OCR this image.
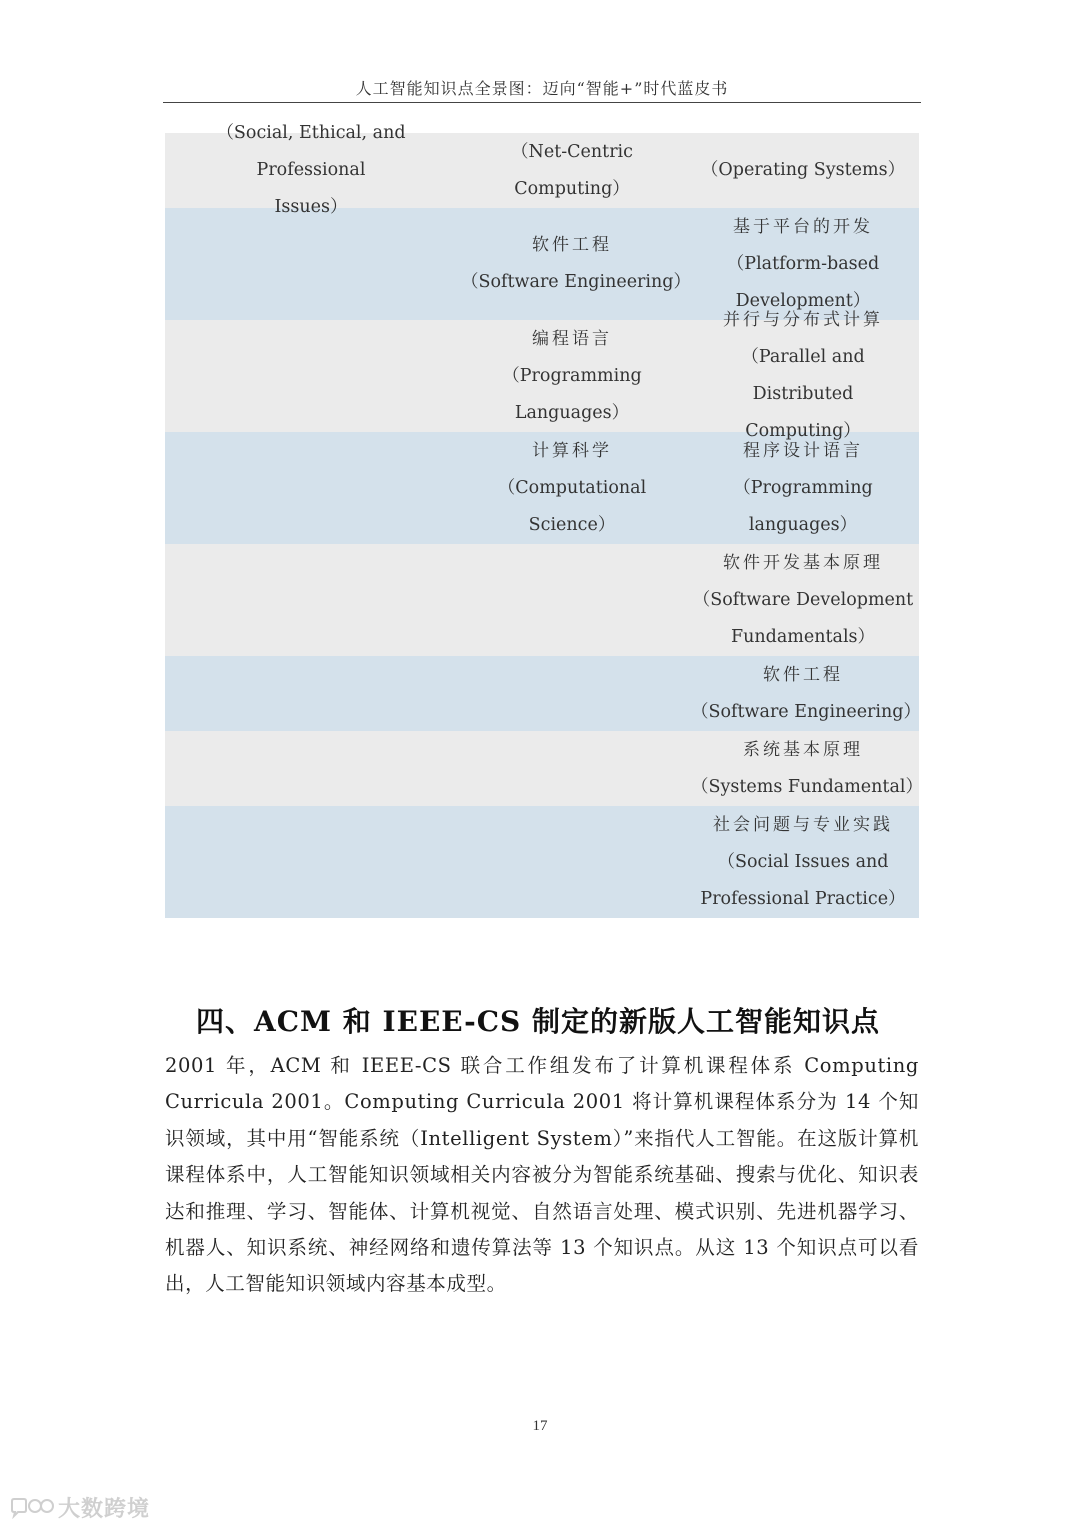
人工智能知识点全景图：迈向“智能+”时代蓝皮书
（Social, Ethical, and Professional
Issues）
（Net-Centric
Computing）
（Operating Systems）
软件工程
（Software Engineering）
基于平台的开发
（Platform-based
Development）
编程语言
（Programming
Languages）
并行与分布式计算
（Parallel and Distributed
Computing）
计算科学
（Computational
Science）
程序设计语言
（Programming languages）
软件开发基本原理
（Software Development
Fundamentals）
软件工程
（Software Engineering）
系统基本原理
（Systems Fundamental）
社会问题与专业实践
（Social Issues and
Professional Practice）
四、ACM 和 IEEE-CS 制定的新版人工智能知识点
2001 年，ACM 和 IEEE-CS 联合工作组发布了计算机课程体系 Computing Curricula 2001。Computing Curricula 2001 将计算机课程体系分为 14 个知识领域，其中用“智能系统（Intelligent System）”来指代人工智能。在这版计算机课程体系中，人工智能知识领域相关内容被分为智能系统基础、搜索与优化、知识表达和推理、学习、智能体、计算机视觉、自然语言处理、模式识别、先进机器学习、机器人、知识系统、神经网络和遗传算法等 13 个知识点。从这 13 个知识点可以看出，人工智能知识领域内容基本成型。
17
大数跨境
